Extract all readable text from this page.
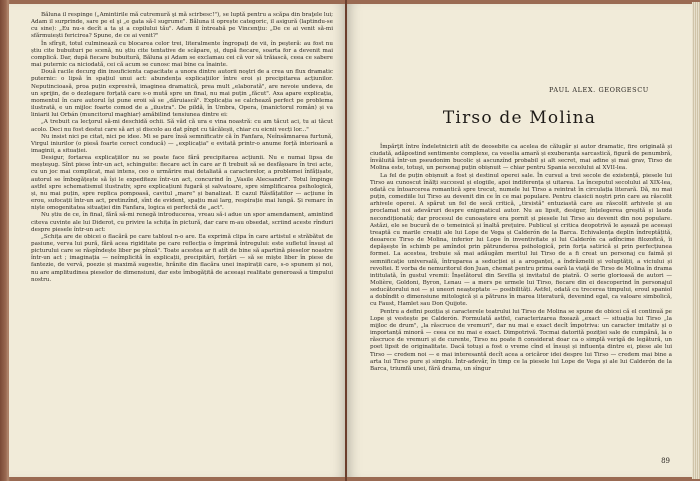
Băluna il respinge („Amintirile mă cutremură şi mă scirbesc!"), se luptă pentru a scăpa din braţele lui; Adam il surprinde, sare pe el şi „e gata să-l sugrume". Băluna il oprește categoric, il asigură (laptindu-se cu sine): „Eu nu-s decît a ta şi a copilului tău". Adam il întreabă pe Vincenţiu: „De ce ai venit să-mi sfărmuiești fericirea? Spune, de ce ai venit?"

În sfîrşit, totul culminează cu blocarea celor trei, literalmente îngropați de vii, în peşteră: au fost nu știu cite bubuituri pe scenă, nu știu cite tentative de scăpare, și, după fiecare, soarta for a devenit mai complică. Dar, după fiecare bubuitură, Băluna și Adam se exclamau cei că vor să trăiască, ceea ce sabere mai puternic ca niciodată, cei că acum se cunosc mai bine ca înainte.

Două racile decurg din insuficienta capacitate a unora dintre autorii noştri de a crea un flux dramatic puternic: o lipsă în spațiul unui act: abundența explicațiilor între eroi și precipitarea acțiunilor. Neputincioasă, proa puțin expresivă, imaginea dramatică, prea mult „elaborată", are nevoie undeva, de un sprijin, de o dezlegare forțată care s-o mută spre un final, nu mai puțin „făcut". Axa apare explicația, momentul în care autorul își pune eroii să se „dăruiască". Explicația se calchează perfect pe problema ilustrată, e un mijloc foarte comod de a „ilustra". De pildă, în Umbra, Opera, (manictorul român) și va liniarii lui Orbán (muncitorul maghiar) amăbilind tensiunea dintre ei:

„A trebuit ca lecţorul să-mi deschidă ochii. Să văd că ura e vina noastră: cu am tăcut aci, tu ai tăcut acolo. Deci nu fost destui care să ari și discolo au dat pînpt cu tăcăleșii, chiar cu eicnii vecți lor..."

Nu insist nici pe citat, nici pe idee. Mi se pare însă semnificativ că în Fanfara, Neînsămnarea furtună, Virgul iniurilor (o piesă foarte cerect conducă) — „explicația" e evitată printr-o anume forță interioară a imaginii, a situației.

Desigur, fortarea explicațiilor nu se poate face fără precipitarea acțiunii. Nu e numai lipsa de meșteşug. Sînt piese într-un act, schinguite: fiecare act în care ar fi trebuit să se desfășoare în trei acte, cu un joc mai complicat, mai intens, ceo o urmărire mai detaliată a caracterelor, a problemei înfățișate, autorul se îmbogățește să își le expediteze într-un act, concurind în „Vasile Alecsandri". Totul împinge astfel spre schematismul ilustrativ, spre explicațiuni fugară și salvatoare, spre simplificarea psihologică, și, nu mai puțin, spre replica pompoasă, cavitul „mare" și banalizat. E cazul Răsfățatilor — acțiune în erou, sufocații într-un act, pretinzînd, sînt de evident, spațiu mai larg, respirație mai lungă. Și remarc în niște omogenitatea situației din Fanfara, logica ei perfectă de „act".

Nu știu de ce, în final, fără să-mi renegă introducerea, vreau să-i adue un spor amendament, amintind citeva cuvinte ale lui Diderot, cu privire la schița în pictură, dar care m-au obsedat, scriind aceste rînduri despre piesele într-un act:

„Schița are de obicei o flacără pe care tabloul n-o are. Ea exprimă clipa în care artistul e străbătut de pasiune, verva lui pură, fără acea rigiditate pe care reflecția o împrimă întregului: este sufletul însuși al picturului care se răspîndește liber pe pînză". Toate acestea ar fi atît de bine să apartină pieselor noastre într-un act ; imaginația — neîmplicită în explicații, precipitări, forțări — să se miște liber în piese de fantezie, de vervă, poezie și maximă sugestie, hrănite din flacăra unei inspirații care, s-o spunem și noi, nu are amplitudinea pieselor de dimensiuni, dar este îmbogățită de aceeași realitate generoasă a timpului nostru.

PAUL ALEX. GEORGESCU
Tirso de Molina

Împărţit între îndeletnicirii atît de deosebite ca acelea de călugăr și autor dramatic, fire originală și ciudată, adăpostind sentimente complexe, ca veselia amară și exuberanța sarcastică, figură de penumbră, învăluită într-un pseudonim bucolic și ascunzînd probabil și alt secret, mai adine și mai grav, Tirso de Molina este, totuşi, un personaj puțin obișnuit — chiar pentru Spania secolului al XVII-lea.

La fel de puțin obișnuit a fost și destinul operei sale. În cursul a trei secole de existență, piesele lui Tirso au cunoscut înălți succesul și elogiile, apoi indiferența și uitarea. La începutul secolului al XIX-lea, odată cu întoarcerea romantică spre trecut, numele lui Tirso a reintrat în circulația literară. Dă, nu mai puțin, comediile lui Tirso au devenit din ce în ce mai populare. Pentru clasicii noștri prin care au răscolit arhivele operei. A spărut un fel de secă critică, „tirsistă" entuziastă care au răscolit arhivele și au proclamat noi adevăruri despre enigmaticul autor. Nu au lipsit, desigur, înțelegerea greșită și lauda necondiționată; dar procesul de cunoaștere era pornit și piesele lui Tirso au devenit din nou populare. Astăzi, ele se bucură de o temeinică și înaltă prețuire. Publicul și critica deopotrivă le așează pe aceeași treaptă cu marile creații ale lui Lope de Vega și Calderón de la Barca. Echivalența deplin îndreptățită, deoarece Tirso de Molina, inferior lui Lope în inventivitate și lui Calderón ca adîncime filozofică, îi depășește în schimb pe amîndoi prin pătrunderea psihologică, prin forța satirică și prin perfecțiunea formei. La acestea, trebuie să mai adăugăm meritul lui Tirso de a fi creat un personaj cu faimă și semnificație universală, întruparea a seducției și a aroganței, a îndrăznelii și voluptății, a viciului și revoltei. E vorba de nemuritorul don Juan, chemat pentru prima oară la viață de Tirso de Molina în drama intitulată, în gustul vremii: Înșelătorul din Sevilla și invitatul de piatră. O serie glorioasă de autori — Molière, Goldoni, Byron, Lenau — a mers pe urmele lui Tirso, fiecare din ei descoperind în personajul seducătorului noi — și uneori neașteptate — posibilități. Astfel, odată cu trecerea timpului, eroul spaniol a dobîndit o dimensiune mitologică și a pătruns în marea literatură, devenind egal, ca valoare simbolică, cu Faust, Hamlet sau Don Quijote.

Pentru a defini poziția și caracterele teatrului lui Tirso de Molina se spune de obicei că el continuă pe Lope și vestește pe Calderón. Formulată astfel, caracterizarea fixează „exact — situația lui Tirso „la mijloc de drum", „la răscruce de vremuri", dar nu mai e exact decît împotriva: un caracter imitativ și o importanță minoră — ceea ce nu mai e exact. Dimpotrivă. Tocmai datorită poziției sale de cumpănă, la o răscruce de vremuri și de curente, Tirso nu poate fi considerat doar ca o simplă verigă de legătură, un poet lipsit de originalitate. Dacă totuși a fost o vreme cînd el însuși și influența dintre ei, piese ale lui Tirso — credem noi — e mai interesantă decît acea a oricăror idei despre lui Tirso — credem mai bine a arta lui Tirso pure și simplu. Într-adevăr, în timp ce la piesele lui Lope de Vega și ale lui Calderón de la Barca, triumfă unei, fără drama, un sîngur

89
